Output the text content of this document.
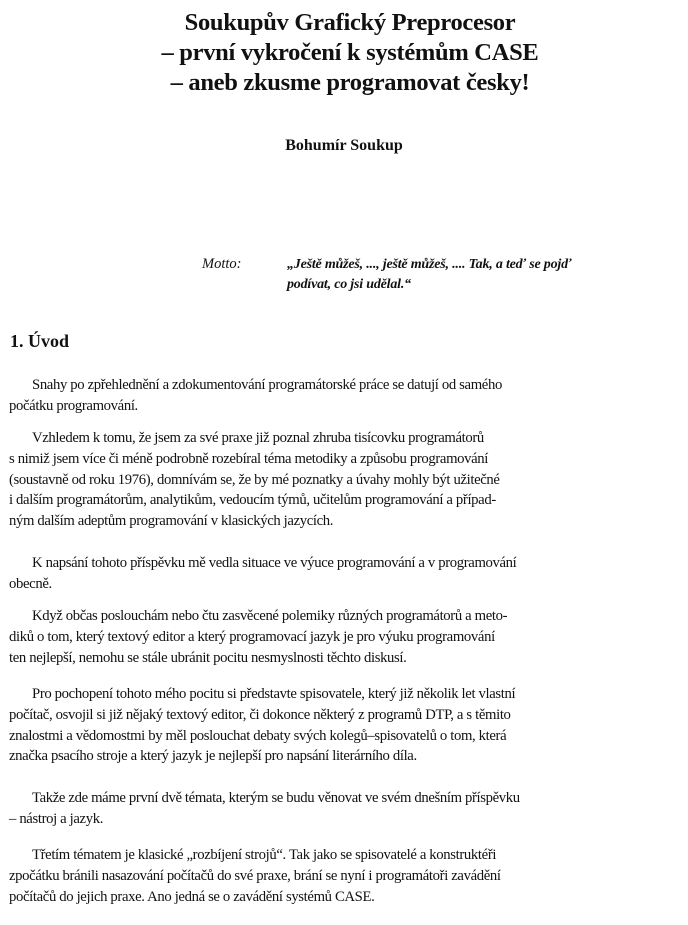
Soukupův Grafický Preprocesor
– první vykročení k systémům CASE
– aneb zkusme programovat česky!
Bohumír Soukup
Motto:	„Ještě můžeš, ..., ještě můžeš, .... Tak, a teď se pojď
podívat, co jsi udělal.“
1. Úvod
Snahy po zpřehlednění a zdokumentování programátorské práce se datují od samého
počátku programování.
Vzhledem k tomu, že jsem za své praxe již poznal zhruba tisícovku programátorů
s nimiž jsem více či méně podrobně rozebíral téma metodiky a způsobu programování
(soustavně od roku 1976), domnívám se, že by mé poznatky a úvahy mohly být užitečné
i dalším programátorům, analytikům, vedoucím týmů, učitelům programování a případ-
ným dalším adeptům programování v klasických jazycích.
K napsání tohoto příspěvku mě vedla situace ve výuce programování a v programování
obecně.
Když občas poslouchám nebo čtu zasvěcené polemiky různých programátorů a meto-
diků o tom, který textový editor a který programovací jazyk je pro výuku programování
ten nejlepší, nemohu se stále ubránit pocitu nesmyslnosti těchto diskusí.
Pro pochopení tohoto mého pocitu si představte spisovatele, který již několik let vlastní
počítač, osvojil si již nějaký textový editor, či dokonce některý z programů DTP, a s těmito
znalostmi a vědomostmi by měl poslouchat debaty svých kolegů–spisovatelů o tom, která
značka psacího stroje a který jazyk je nejlepší pro napsání literárního díla.
Takže zde máme první dvě témata, kterým se budu věnovat ve svém dnešním příspěvku
– nástroj a jazyk.
Třetím tématem je klasické „rozbíjení strojů“. Tak jako se spisovatelé a konstruktéři
zpočátku bránili nasazování počítačů do své praxe, brání se nyní i programátoři zavádění
počítačů do jejich praxe. Ano jedná se o zavádění systémů CASE.
